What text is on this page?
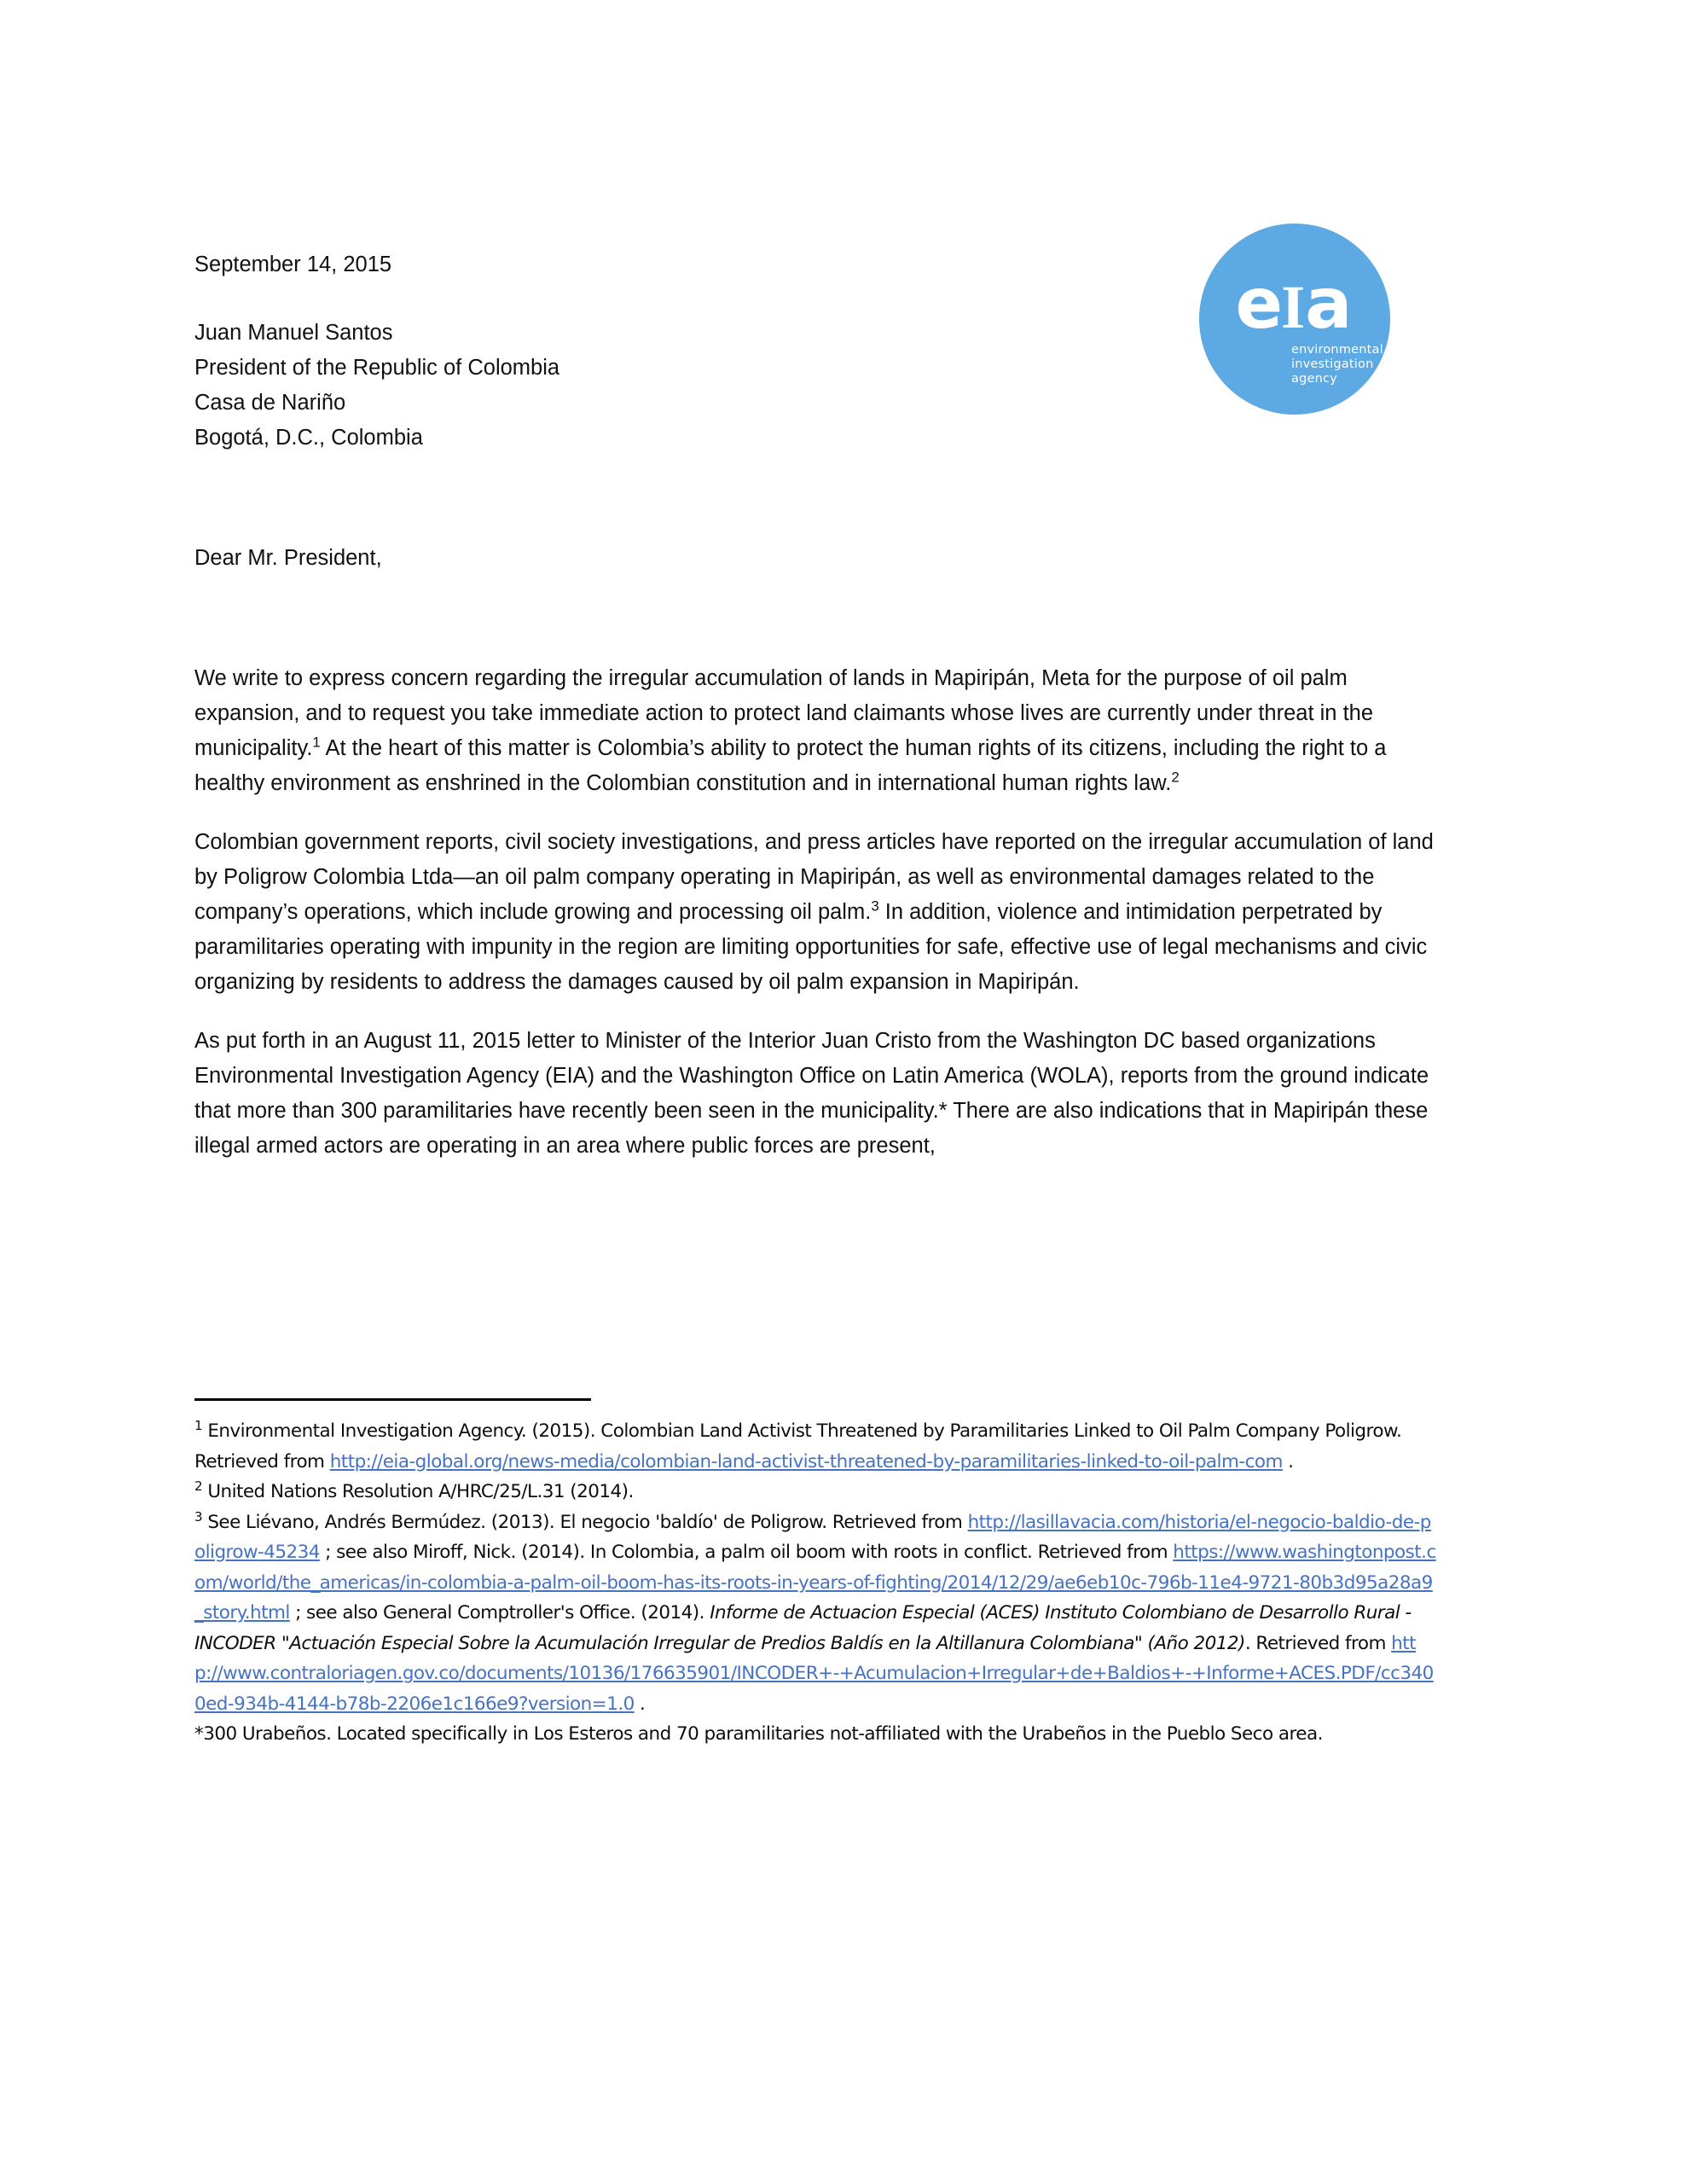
eIa
environmental
investigation
agency
September 14, 2015
Juan Manuel Santos
President of the Republic of Colombia
Casa de Nariño
Bogotá, D.C., Colombia
Dear Mr. President,

We write to express concern regarding the irregular accumulation of lands in Mapiripán, Meta for the purpose of oil palm expansion, and to request you take immediate action to protect land claimants whose lives are currently under threat in the municipality.$^1$ At the heart of this matter is Colombia’s ability to protect the human rights of its citizens, including the right to a healthy environment as enshrined in the Colombian constitution and in international human rights law.$^2$

Colombian government reports, civil society investigations, and press articles have reported on the irregular accumulation of land by Poligrow Colombia Ltda—an oil palm company operating in Mapiripán, as well as environmental damages related to the company’s operations, which include growing and processing oil palm.$^3$ In addition, violence and intimidation perpetrated by paramilitaries operating with impunity in the region are limiting opportunities for safe, effective use of legal mechanisms and civic organizing by residents to address the damages caused by oil palm expansion in Mapiripán.

As put forth in an August 11, 2015 letter to Minister of the Interior Juan Cristo from the Washington DC based organizations Environmental Investigation Agency (EIA) and the Washington Office on Latin America (WOLA), reports from the ground indicate that more than 300 paramilitaries have recently been seen in the municipality.* There are also indications that in Mapiripán these illegal armed actors are operating in an area where public forces are present,

$^1$ Environmental Investigation Agency. (2015). Colombian Land Activist Threatened by Paramilitaries Linked to Oil Palm Company Poligrow. Retrieved from http://eia-global.org/news-media/colombian-land-activist-threatened-by-paramilitaries-linked-to-oil-palm-com .

$^2$ United Nations Resolution A/HRC/25/L.31 (2014).

$^3$ See Liévano, Andrés Bermúdez. (2013). El negocio 'baldío' de Poligrow. Retrieved from http://lasillavacia.com/historia/el-negocio-baldio-de-poligrow-45234 ; see also Miroff, Nick. (2014). In Colombia, a palm oil boom with roots in conflict. Retrieved from https://www.washingtonpost.com/world/the_americas/in-colombia-a-palm-oil-boom-has-its-roots-in-years-of-fighting/2014/12/29/ae6eb10c-796b-11e4-9721-80b3d95a28a9_story.html ; see also General Comptroller's Office. (2014). Informe de Actuacion Especial (ACES) Instituto Colombiano de Desarrollo Rural - INCODER "Actuación Especial Sobre la Acumulación Irregular de Predios Baldís en la Altillanura Colombiana" (Año 2012). Retrieved from http://www.contraloriagen.gov.co/documents/10136/176635901/INCODER+-+Acumulacion+Irregular+de+Baldios+-+Informe+ACES.PDF/cc3400ed-934b-4144-b78b-2206e1c166e9?version=1.0 .

*300 Urabeños. Located specifically in Los Esteros and 70 paramilitaries not-affiliated with the Urabeños in the Pueblo Seco area.
